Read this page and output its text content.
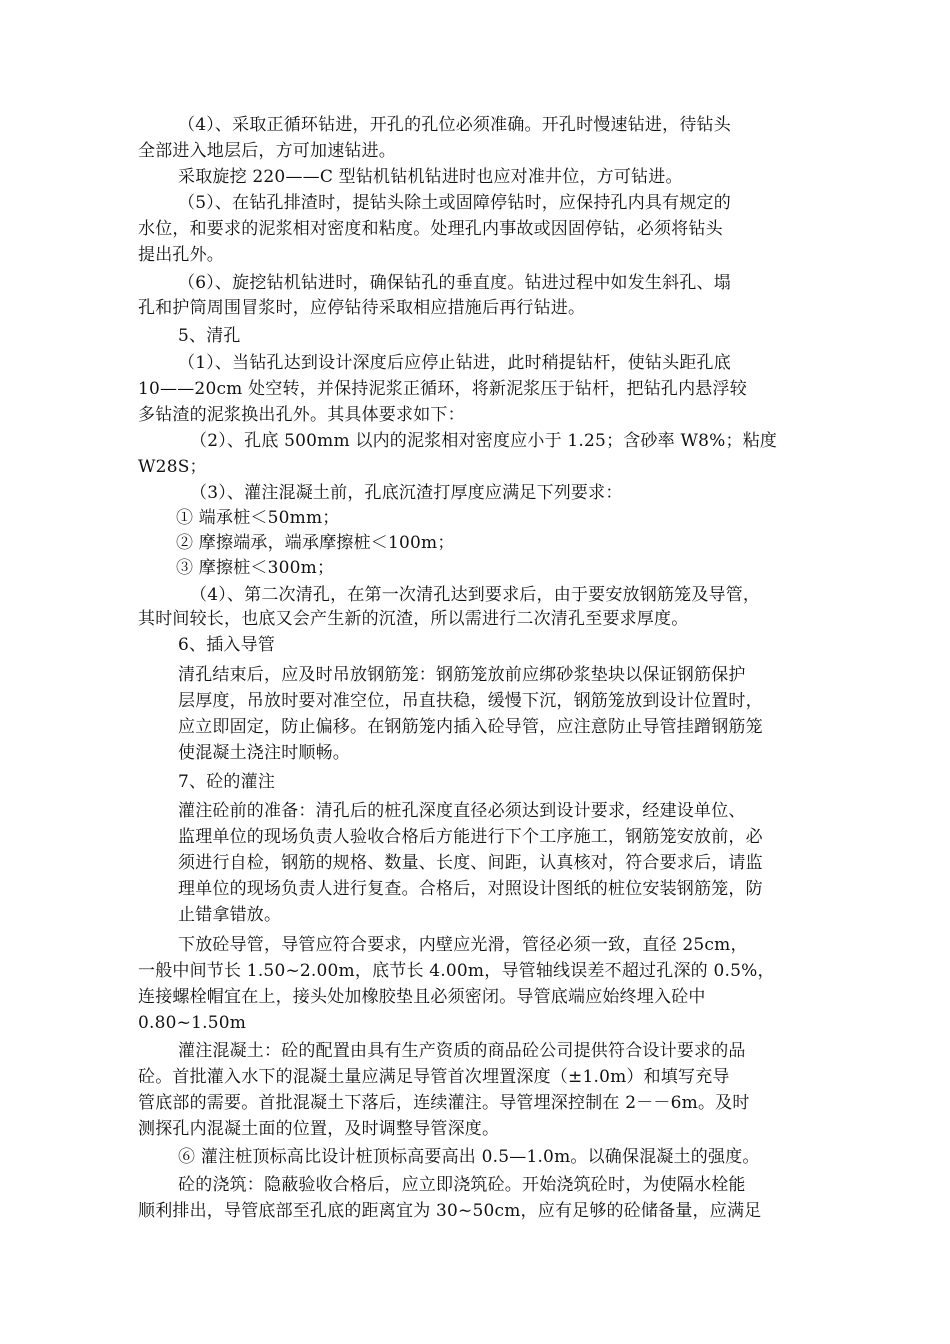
（4）、采取正循环钻进，开孔的孔位必须准确。开孔时慢速钻进，待钻头
全部进入地层后，方可加速钻进。
采取旋挖 220——C 型钻机钻机钻进时也应对准井位，方可钻进。
（5）、在钻孔排渣时，提钻头除土或固障停钻时，应保持孔内具有规定的
水位，和要求的泥浆相对密度和粘度。处理孔内事故或因固停钻，必须将钻头
提出孔外。
（6）、旋挖钻机钻进时，确保钻孔的垂直度。钻进过程中如发生斜孔、塌
孔和护筒周围冒浆时，应停钻待采取相应措施后再行钻进。
5、清孔
（1）、当钻孔达到设计深度后应停止钻进，此时稍提钻杆，使钻头距孔底
10——20cm 处空转，并保持泥浆正循环，将新泥浆压于钻杆，把钻孔内悬浮较
多钻渣的泥浆换出孔外。其具体要求如下：
（2）、孔底 500mm 以内的泥浆相对密度应小于 1.25；含砂率 W8%；粘度
W28S；
（3）、灌注混凝土前，孔底沉渣打厚度应满足下列要求：
① 端承桩＜50mm；
② 摩擦端承，端承摩擦桩＜100m；
③ 摩擦桩＜300m；
（4）、第二次清孔，在第一次清孔达到要求后，由于要安放钢筋笼及导管，
其时间较长，也底又会产生新的沉渣，所以需进行二次清孔至要求厚度。
6、插入导管
清孔结束后，应及时吊放钢筋笼：钢筋笼放前应绑砂浆垫块以保证钢筋保护
层厚度，吊放时要对准空位，吊直扶稳，缓慢下沉，钢筋笼放到设计位置时，
应立即固定，防止偏移。在钢筋笼内插入砼导管，应注意防止导管挂蹭钢筋笼
使混凝土浇注时顺畅。
7、砼的灌注
灌注砼前的准备：清孔后的桩孔深度直径必须达到设计要求，经建设单位、
监理单位的现场负责人验收合格后方能进行下个工序施工，钢筋笼安放前，必
须进行自检，钢筋的规格、数量、长度、间距，认真核对，符合要求后，请监
理单位的现场负责人进行复查。合格后，对照设计图纸的桩位安装钢筋笼，防
止错拿错放。
下放砼导管，导管应符合要求，内壁应光滑，管径必须一致，直径 25cm，
一般中间节长 1.50~2.00m，底节长 4.00m，导管轴线误差不超过孔深的 0.5%，
连接螺栓帽宜在上，接头处加橡胶垫且必须密闭。导管底端应始终埋入砼中
0.80~1.50m
灌注混凝土：砼的配置由具有生产资质的商品砼公司提供符合设计要求的品
砼。首批灌入水下的混凝土量应满足导管首次埋置深度（±1.0m）和填写充导
管底部的需要。首批混凝土下落后，连续灌注。导管埋深控制在 2－－6m。及时
测探孔内混凝土面的位置，及时调整导管深度。
⑥ 灌注桩顶标高比设计桩顶标高要高出 0.5—1.0m。以确保混凝土的强度。
砼的浇筑：隐蔽验收合格后，应立即浇筑砼。开始浇筑砼时，为使隔水栓能
顺利排出，导管底部至孔底的距离宜为 30~50cm，应有足够的砼储备量，应满足
